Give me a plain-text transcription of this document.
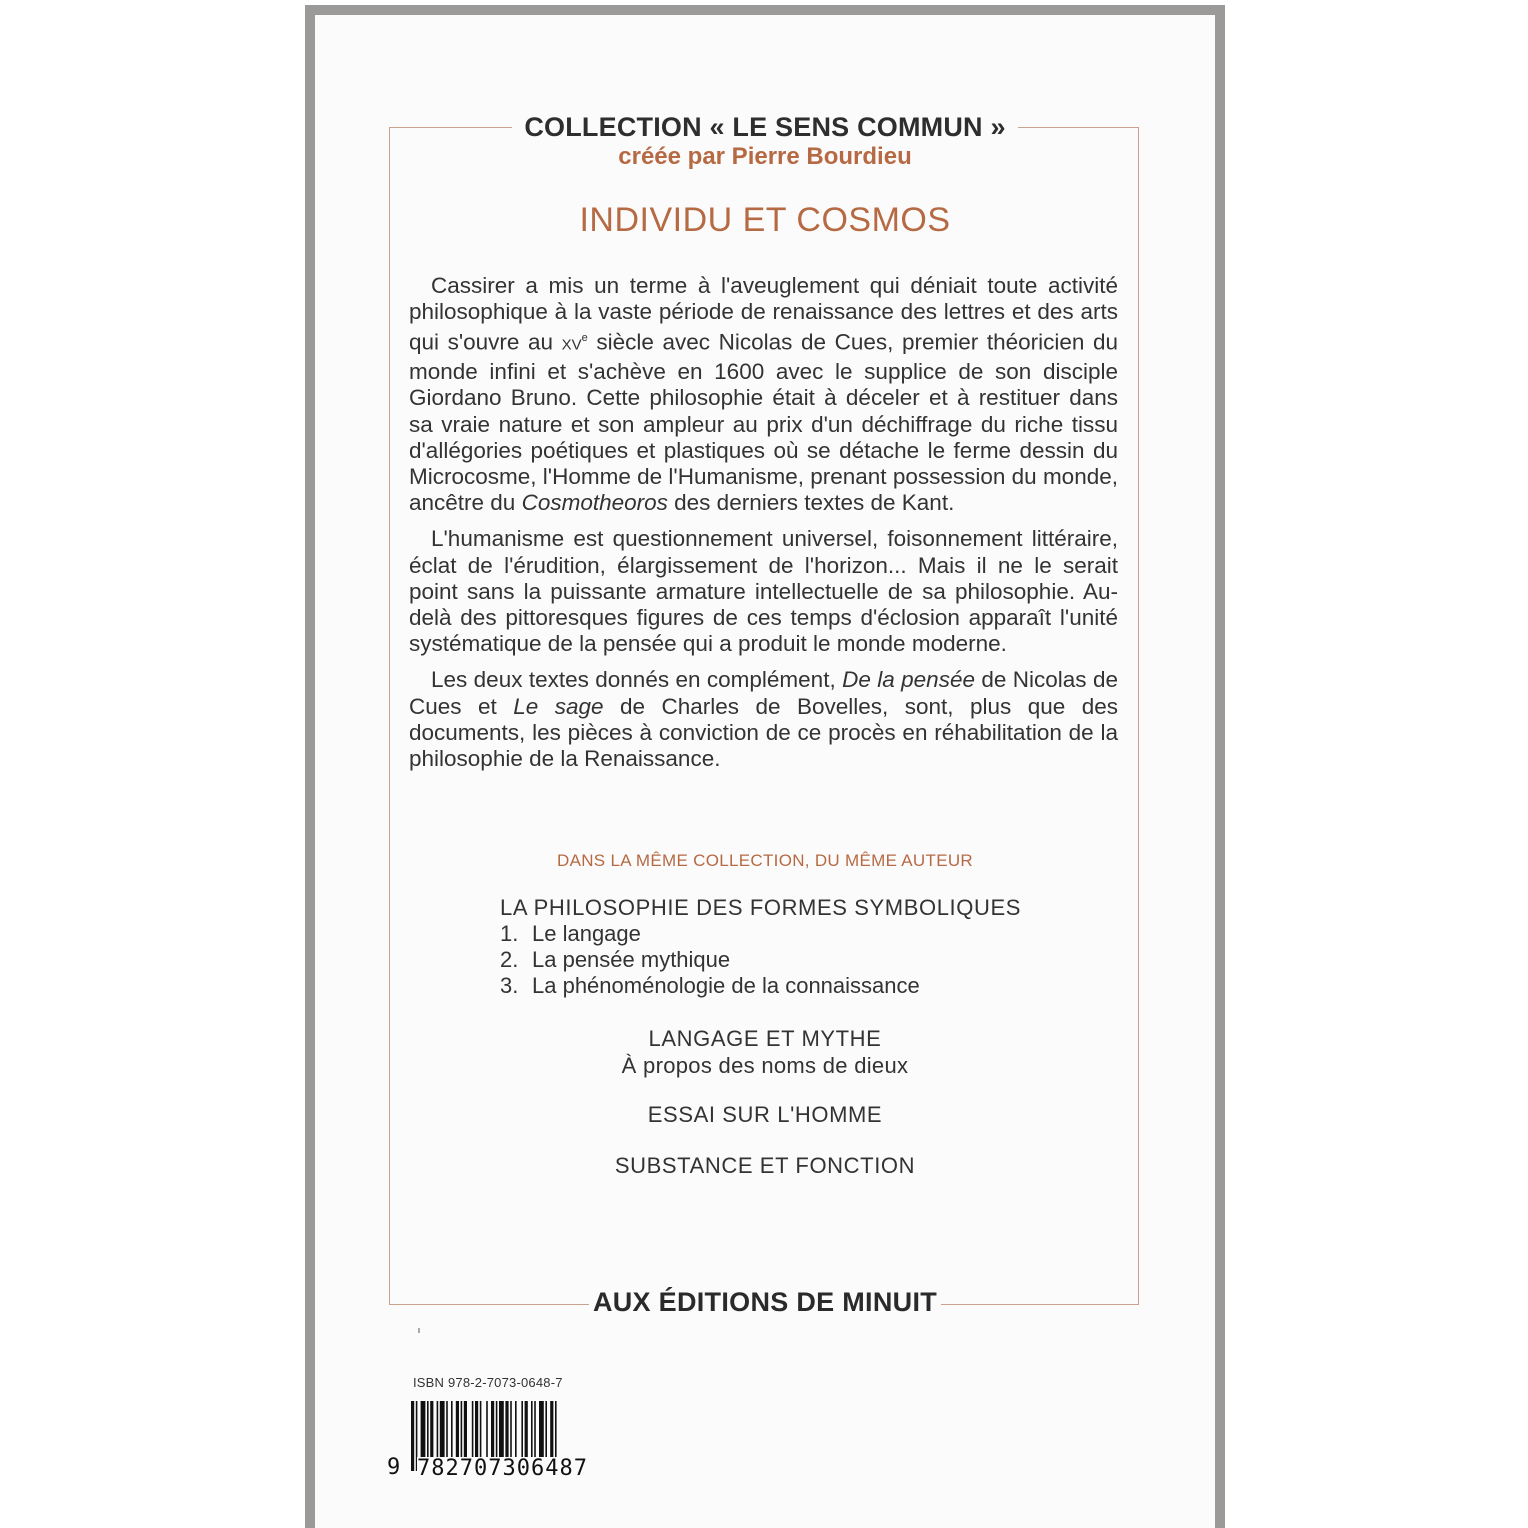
COLLECTION « LE SENS COMMUN »
créée par Pierre Bourdieu
INDIVIDU ET COSMOS

Cassirer a mis un terme à l'aveuglement qui déniait toute activité philosophique à la vaste période de renaissance des lettres et des arts qui s'ouvre au XVe siècle avec Nicolas de Cues, premier théoricien du monde infini et s'achève en 1600 avec le supplice de son disciple Giordano Bruno. Cette philosophie était à déceler et à restituer dans sa vraie nature et son ampleur au prix d'un déchiffrage du riche tissu d'allégories poétiques et plastiques où se détache le ferme dessin du Microcosme, l'Homme de l'Humanisme, prenant possession du monde, ancêtre du Cosmotheoros des derniers textes de Kant.

L'humanisme est questionnement universel, foisonnement littéraire, éclat de l'érudition, élargissement de l'horizon... Mais il ne le serait point sans la puissante armature intellectuelle de sa philosophie. Au-delà des pittoresques figures de ces temps d'éclosion apparaît l'unité systématique de la pensée qui a produit le monde moderne.

Les deux textes donnés en complément, De la pensée de Nicolas de Cues et Le sage de Charles de Bovelles, sont, plus que des documents, les pièces à conviction de ce procès en réhabilitation de la philosophie de la Renaissance.

DANS LA MÊME COLLECTION, DU MÊME AUTEUR
LA PHILOSOPHIE DES FORMES SYMBOLIQUES
1. Le langage
2. La pensée mythique
3. La phénoménologie de la connaissance
LANGAGE ET MYTHE
À propos des noms de dieux
ESSAI SUR L'HOMME
SUBSTANCE ET FONCTION
AUX ÉDITIONS DE MINUIT
ISBN 978-2-7073-0648-7
9 782707306487
